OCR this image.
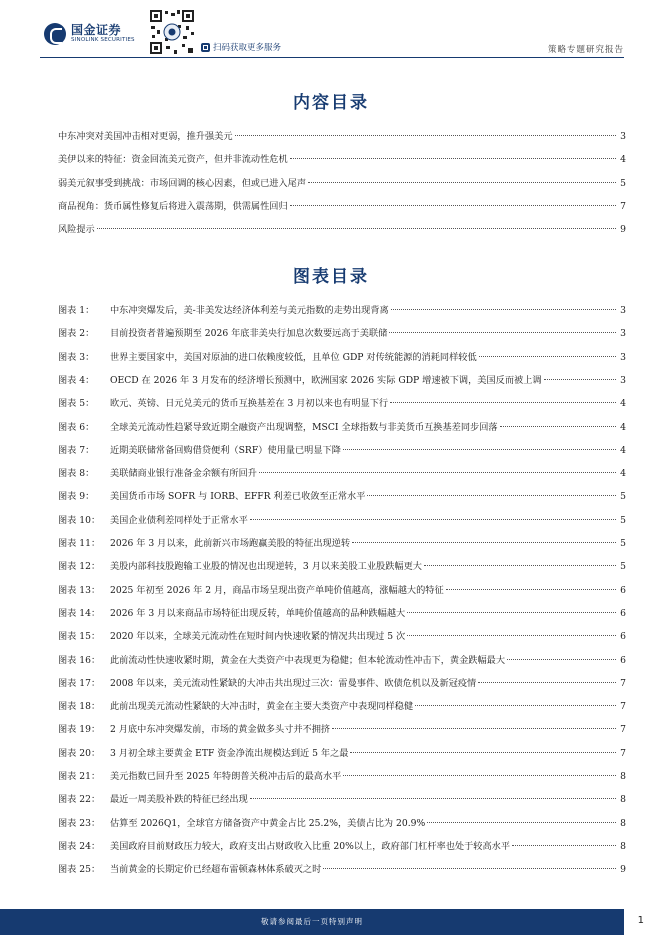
国金证券
SINOLINK SECURITIES
扫码获取更多服务	策略专题研究报告
内容目录
中东冲突对美国冲击相对更弱，推升强美元	3
美伊以来的特征：资金回流美元资产，但并非流动性危机	4
弱美元叙事受到挑战：市场回调的核心因素，但或已进入尾声	5
商品视角：货币属性修复后将进入震荡期，供需属性回归	7
风险提示	9
图表目录
图表 1：	中东冲突爆发后，美-非美发达经济体利差与美元指数的走势出现背离	3
图表 2：	目前投资者普遍预期至 2026 年底非美央行加息次数要远高于美联储	3
图表 3：	世界主要国家中，美国对原油的进口依赖度较低，且单位 GDP 对传统能源的消耗同样较低	3
图表 4：	OECD 在 2026 年 3 月发布的经济增长预测中，欧洲国家 2026 实际 GDP 增速被下调，美国反而被上调	3
图表 5：	欧元、英镑、日元兑美元的货币互换基差在 3 月初以来也有明显下行	4
图表 6：	全球美元流动性趋紧导致近期全融资产出现调整，MSCI 全球指数与非美货币互换基差同步回落	4
图表 7：	近期美联储常备回购借贷便利（SRF）使用量已明显下降	4
图表 8：	美联储商业银行准备金余额有所回升	4
图表 9：	美国货币市场 SOFR 与 IORB、EFFR 利差已收敛至正常水平	5
图表 10：	美国企业债利差同样处于正常水平	5
图表 11：	2026 年 3 月以来，此前新兴市场跑赢美股的特征出现逆转	5
图表 12：	美股内部科技股跑输工业股的情况也出现逆转，3 月以来美股工业股跌幅更大	5
图表 13：	2025 年初至 2026 年 2 月，商品市场呈现出资产单吨价值越高，涨幅越大的特征	6
图表 14：	2026 年 3 月以来商品市场特征出现反转，单吨价值越高的品种跌幅越大	6
图表 15：	2020 年以来，全球美元流动性在短时间内快速收紧的情况共出现过 5 次	6
图表 16：	此前流动性快速收紧时期，黄金在大类资产中表现更为稳健；但本轮流动性冲击下，黄金跌幅最大	6
图表 17：	2008 年以来，美元流动性紧缺的大冲击共出现过三次：雷曼事件、欧债危机以及新冠疫情	7
图表 18：	此前出现美元流动性紧缺的大冲击时，黄金在主要大类资产中表现同样稳健	7
图表 19：	2 月底中东冲突爆发前，市场的黄金做多头寸并不拥挤	7
图表 20：	3 月初全球主要黄金 ETF 资金净流出规模达到近 5 年之最	7
图表 21：	美元指数已回升至 2025 年特朗普关税冲击后的最高水平	8
图表 22：	最近一周美股补跌的特征已经出现	8
图表 23：	估算至 2026Q1，全球官方储备资产中黄金占比 25.2%，美债占比为 20.9%	8
图表 24：	美国政府目前财政压力较大，政府支出占财政收入比重 20%以上，政府部门杠杆率也处于较高水平	8
图表 25：	当前黄金的长期定价已经超布雷顿森林体系破灭之时	9
敬请参阅最后一页特别声明	1
